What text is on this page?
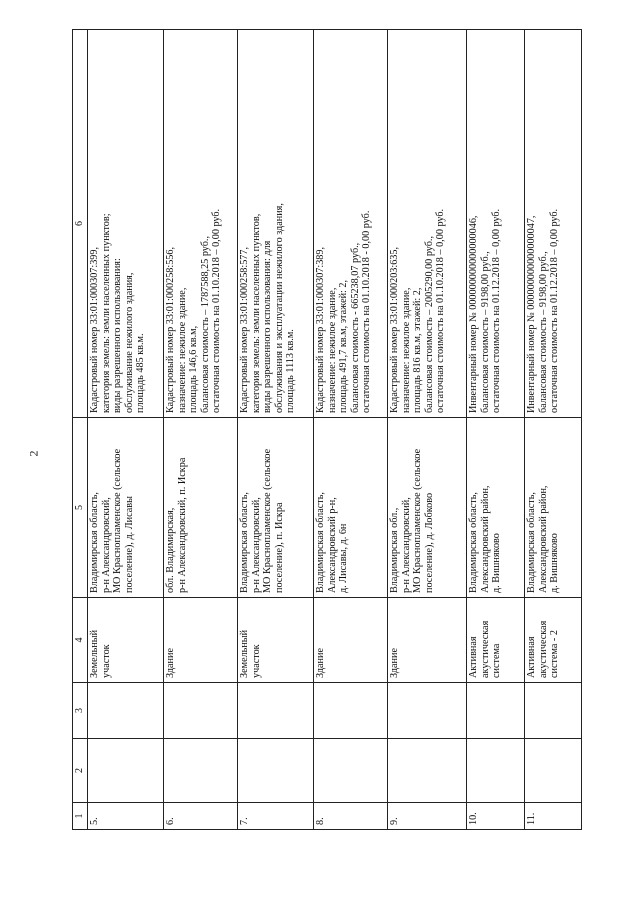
2
1	2	3	4	5	6
5.			Земельный участок	Владимирская область,
р-н Александровский,
МО Краснопламенское (сельское
поселение), д. Лисавы	Кадастровый номер 33:01:000307:399,
категория земель: земли населенных пунктов;
виды разрешенного использования:
обслуживание нежилого здания,
площадь 485 кв.м.
6.			Здание	обл. Владимирская,
р-н Александровский, п. Искра	Кадастровый номер 33:01:000258:556,
назначение: нежилое здание,
площадь 146,6 кв.м,
балансовая стоимость – 1787588,25 руб.,
остаточная стоимость на 01.10.2018 – 0,00 руб.
7.			Земельный участок	Владимирская область,
р-н Александровский,
МО Краснопламенское (сельское
поселение), п. Искра	Кадастровый номер 33:01:000258:577,
категория земель: земли населенных пунктов,
виды разрешенного использования: для
обслуживания и эксплуатации нежилого здания,
площадь 1113 кв.м.
8.			Здание	Владимирская область,
Александровский р-н,
д. Лисавы, д. 6н	Кадастровый номер 33:01:000307:389,
назначение: нежилое здание,
площадь 491,7 кв.м, этажей: 2,
балансовая стоимость - 665238,07 руб.,
остаточная стоимость на 01.10.2018 - 0,00 руб.
9.			Здание	Владимирская обл.,
р-н Александровский,
МО Краснопламенское (сельское
поселение), д. Лобково	Кадастровый номер 33:01:000203:635,
назначение: нежилое здание,
площадь 816 кв.м, этажей: 2,
балансовая стоимость – 2005290,00 руб.,
остаточная стоимость на 01.10.2018 – 0,00 руб.
10.			Активная
акустическая
система	Владимирская область,
Александровский район,
д. Вишняково	Инвентарный номер № 000000000000000046,
балансовая стоимость – 9198,00 руб.,
остаточная стоимость на 01.12.2018 – 0,00 руб.
11.			Активная
акустическая
система - 2	Владимирская область,
Александровский район,
д. Вишняково	Инвентарный номер № 000000000000000047,
балансовая стоимость – 9198,00 руб.,
остаточная стоимость на 01.12.2018 – 0,00 руб.
